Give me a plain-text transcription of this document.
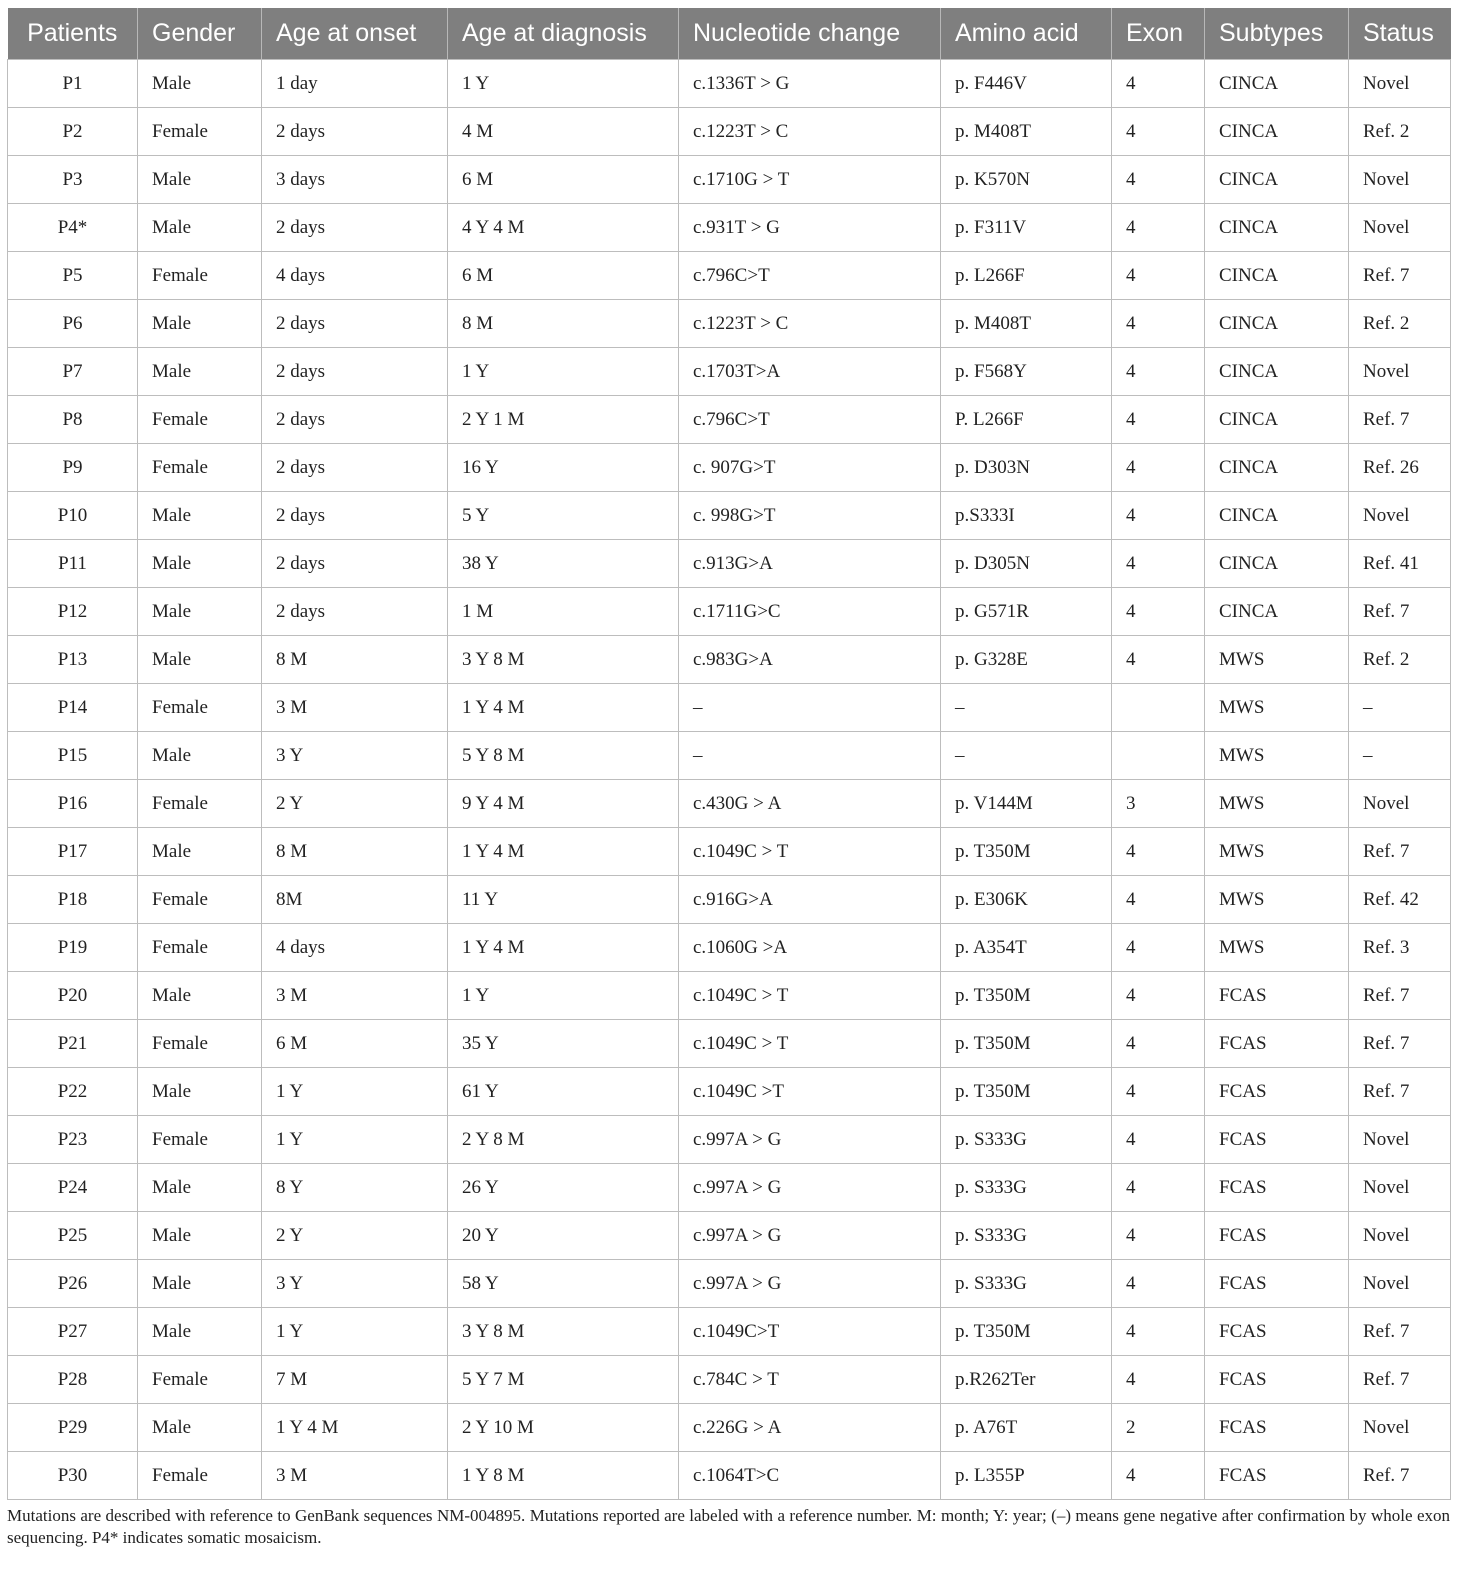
Patients	Gender	Age at onset	Age at diagnosis	Nucleotide change	Amino acid	Exon	Subtypes	Status
P1	Male	1 day	1 Y	c.1336T > G	p. F446V	4	CINCA	Novel
P2	Female	2 days	4 M	c.1223T > C	p. M408T	4	CINCA	Ref. 2
P3	Male	3 days	6 M	c.1710G > T	p. K570N	4	CINCA	Novel
P4*	Male	2 days	4 Y 4 M	c.931T > G	p. F311V	4	CINCA	Novel
P5	Female	4 days	6 M	c.796C>T	p. L266F	4	CINCA	Ref. 7
P6	Male	2 days	8 M	c.1223T > C	p. M408T	4	CINCA	Ref. 2
P7	Male	2 days	1 Y	c.1703T>A	p. F568Y	4	CINCA	Novel
P8	Female	2 days	2 Y 1 M	c.796C>T	P. L266F	4	CINCA	Ref. 7
P9	Female	2 days	16 Y	c. 907G>T	p. D303N	4	CINCA	Ref. 26
P10	Male	2 days	5 Y	c. 998G>T	p.S333I	4	CINCA	Novel
P11	Male	2 days	38 Y	c.913G>A	p. D305N	4	CINCA	Ref. 41
P12	Male	2 days	1 M	c.1711G>C	p. G571R	4	CINCA	Ref. 7
P13	Male	8 M	3 Y 8 M	c.983G>A	p. G328E	4	MWS	Ref. 2
P14	Female	3 M	1 Y 4 M	–	–		MWS	–
P15	Male	3 Y	5 Y 8 M	–	–		MWS	–
P16	Female	2 Y	9 Y 4 M	c.430G > A	p. V144M	3	MWS	Novel
P17	Male	8 M	1 Y 4 M	c.1049C > T	p. T350M	4	MWS	Ref. 7
P18	Female	8M	11 Y	c.916G>A	p. E306K	4	MWS	Ref. 42
P19	Female	4 days	1 Y 4 M	c.1060G >A	p. A354T	4	MWS	Ref. 3
P20	Male	3 M	1 Y	c.1049C > T	p. T350M	4	FCAS	Ref. 7
P21	Female	6 M	35 Y	c.1049C > T	p. T350M	4	FCAS	Ref. 7
P22	Male	1 Y	61 Y	c.1049C >T	p. T350M	4	FCAS	Ref. 7
P23	Female	1 Y	2 Y 8 M	c.997A > G	p. S333G	4	FCAS	Novel
P24	Male	8 Y	26 Y	c.997A > G	p. S333G	4	FCAS	Novel
P25	Male	2 Y	20 Y	c.997A > G	p. S333G	4	FCAS	Novel
P26	Male	3 Y	58 Y	c.997A > G	p. S333G	4	FCAS	Novel
P27	Male	1 Y	3 Y 8 M	c.1049C>T	p. T350M	4	FCAS	Ref. 7
P28	Female	7 M	5 Y 7 M	c.784C > T	p.R262Ter	4	FCAS	Ref. 7
P29	Male	1 Y 4 M	2 Y 10 M	c.226G > A	p. A76T	2	FCAS	Novel
P30	Female	3 M	1 Y 8 M	c.1064T>C	p. L355P	4	FCAS	Ref. 7
Mutations are described with reference to GenBank sequences NM-004895. Mutations reported are labeled with a reference number. M: month; Y: year; (–) means gene negative after confirmation by whole exon sequencing. P4* indicates somatic mosaicism.
